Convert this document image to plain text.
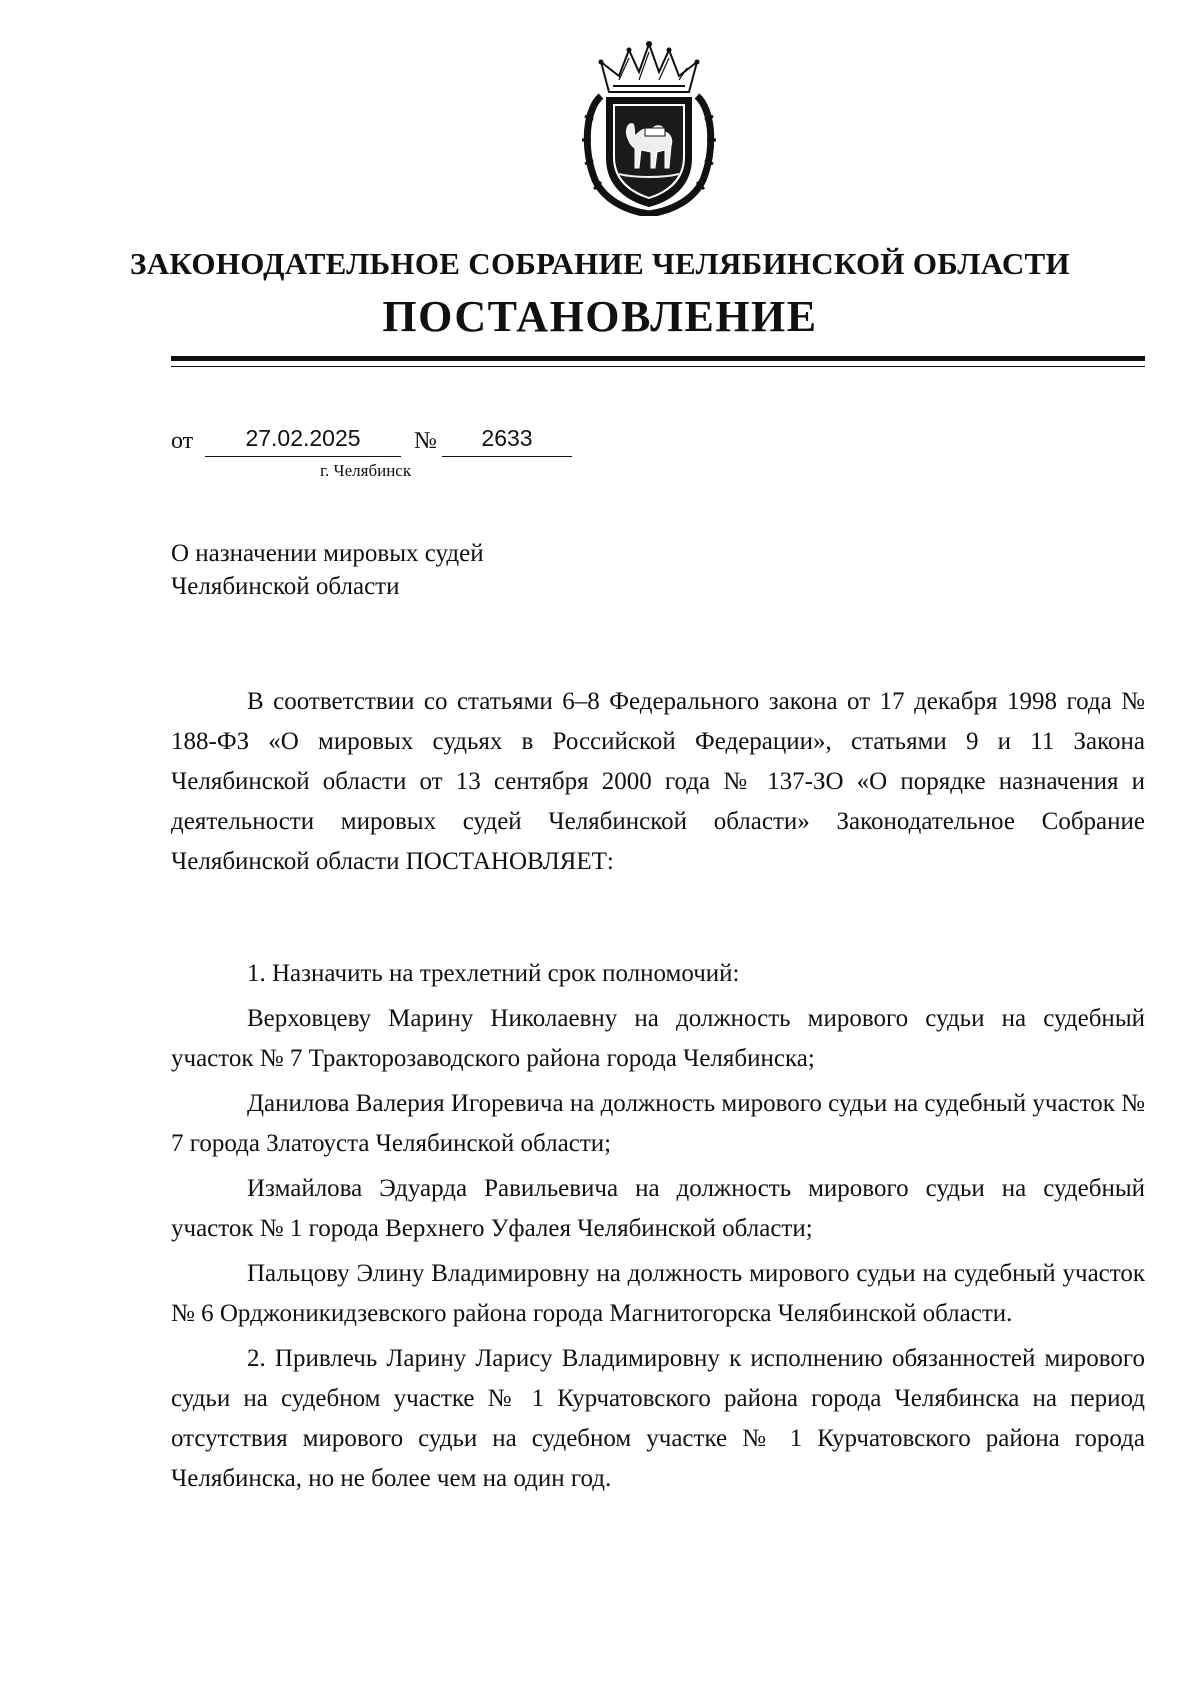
ЗАКОНОДАТЕЛЬНОЕ СОБРАНИЕ ЧЕЛЯБИНСКОЙ ОБЛАСТИ
ПОСТАНОВЛЕНИЕ
от	27.02.2025	№	2633
г. Челябинск
О назначении мировых судей
Челябинской области

В соответствии со статьями 6–8 Федерального закона от 17 декабря 1998 года № 188-ФЗ «О мировых судьях в Российской Федерации», статьями 9 и 11 Закона Челябинской области от 13 сентября 2000 года № 137-ЗО «О порядке назначения и деятельности мировых судей Челябинской области» Законодательное Собрание Челябинской области ПОСТАНОВЛЯЕТ:

1. Назначить на трехлетний срок полномочий:

Верховцеву Марину Николаевну на должность мирового судьи на судебный участок № 7 Тракторозаводского района города Челябинска;

Данилова Валерия Игоревича на должность мирового судьи на судебный участок № 7 города Златоуста Челябинской области;

Измайлова Эдуарда Равильевича на должность мирового судьи на судебный участок № 1 города Верхнего Уфалея Челябинской области;

Пальцову Элину Владимировну на должность мирового судьи на судебный участок № 6 Орджоникидзевского района города Магнитогорска Челябинской области.

2. Привлечь Ларину Ларису Владимировну к исполнению обязанностей мирового судьи на судебном участке № 1 Курчатовского района города Челябинска на период отсутствия мирового судьи на судебном участке № 1 Курчатовского района города Челябинска, но не более чем на один год.
